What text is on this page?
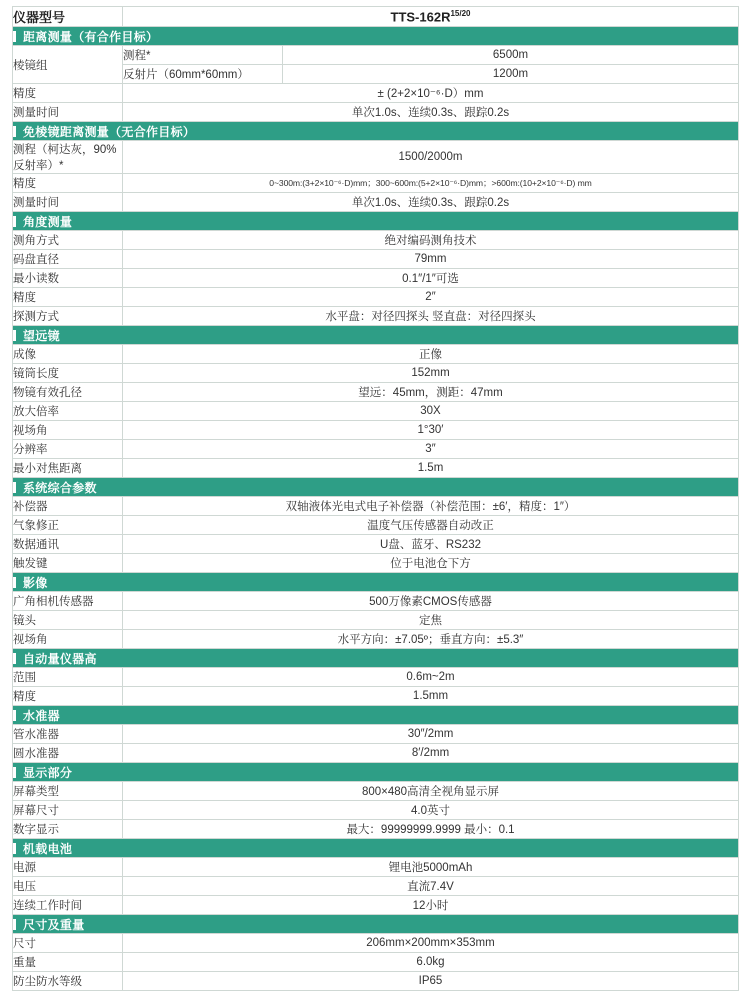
仪器型号	TTS-$162R^{15/20}$
距离测量（有合作目标）		
棱镜组	测程*	6500m
	反射片（60mm*60mm）	1200m
精度	± (2+2×10⁻⁶·D）mm	
测量时间	单次1.0s、连续0.3s、跟踪0.2s	
免棱镜距离测量（无合作目标）		
测程（柯达灰，90%反射率）*	1500/2000m	
精度	0~300m:(3+2×10⁻⁶·D)mm；300~600m:(5+2×10⁻⁶·D)mm；>600m:(10+2×10⁻⁶·D) mm	
测量时间	单次1.0s、连续0.3s、跟踪0.2s	
角度测量		
测角方式	绝对编码测角技术	
码盘直径	79mm	
最小读数	0.1″/1″可选	
精度	2″	
探测方式	水平盘：对径四探头 竖直盘：对径四探头	
望远镜		
成像	正像	
镜筒长度	152mm	
物镜有效孔径	望远：45mm，测距：47mm	
放大倍率	30X	
视场角	1°30′	
分辨率	3″	
最小对焦距离	1.5m	
系统综合参数		
补偿器	双轴液体光电式电子补偿器（补偿范围：±6′，精度：1″）	
气象修正	温度气压传感器自动改正	
数据通讯	U盘、蓝牙、RS232	
触发键	位于电池仓下方	
影像		
广角相机传感器	500万像素CMOS传感器	
镜头	定焦	
视场角	水平方向：±7.05º；垂直方向：±5.3″	
自动量仪器高		
范围	0.6m~2m	
精度	1.5mm	
水准器		
管水准器	30″/2mm	
圆水准器	8′/2mm	
显示部分		
屏幕类型	800×480高清全视角显示屏	
屏幕尺寸	4.0英寸	
数字显示	最大：99999999.9999 最小：0.1	
机载电池		
电源	锂电池5000mAh	
电压	直流7.4V	
连续工作时间	12小时	
尺寸及重量		
尺寸	206mm×200mm×353mm	
重量	6.0kg	
防尘防水等级	IP65	
